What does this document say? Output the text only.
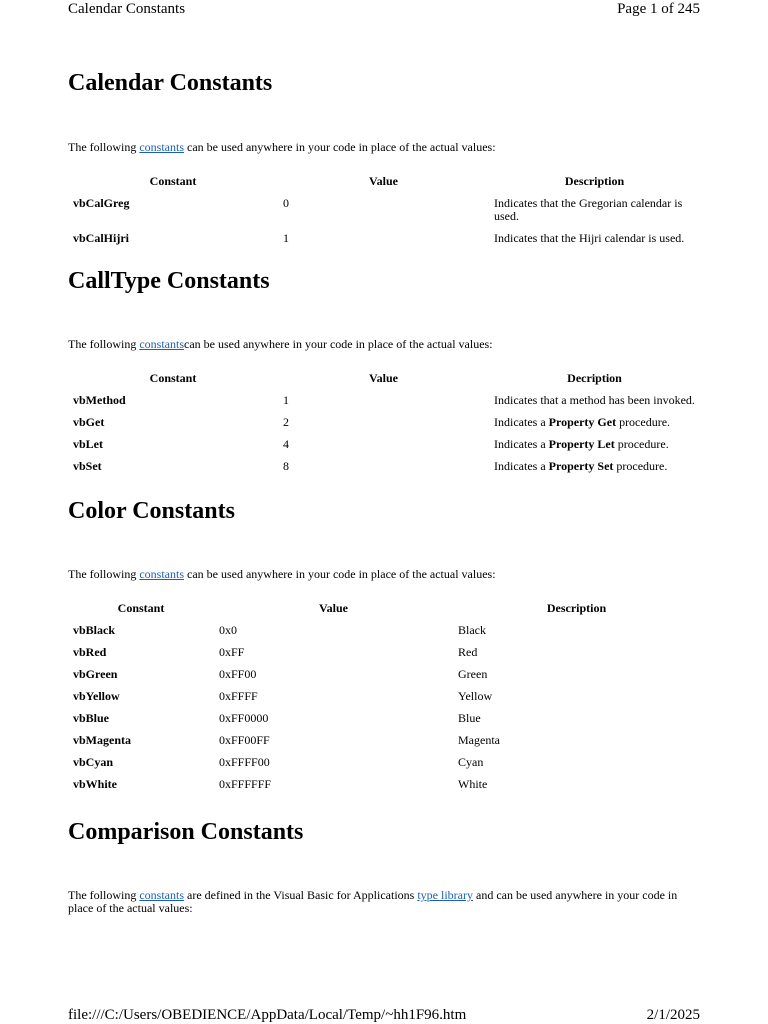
Calendar Constants	Page 1 of 245
Calendar Constants

The following constants can be used anywhere in your code in place of the actual values:

Constant	Value	Description
vbCalGreg	0	Indicates that the Gregorian calendar is used.
vbCalHijri	1	Indicates that the Hijri calendar is used.
CallType Constants

The following constantscan be used anywhere in your code in place of the actual values:

Constant	Value	Decription
vbMethod	1	Indicates that a method has been invoked.
vbGet	2	Indicates a Property Get procedure.
vbLet	4	Indicates a Property Let procedure.
vbSet	8	Indicates a Property Set procedure.
Color Constants

The following constants can be used anywhere in your code in place of the actual values:

Constant	Value	Description
vbBlack	0x0	Black
vbRed	0xFF	Red
vbGreen	0xFF00	Green
vbYellow	0xFFFF	Yellow
vbBlue	0xFF0000	Blue
vbMagenta	0xFF00FF	Magenta
vbCyan	0xFFFF00	Cyan
vbWhite	0xFFFFFF	White
Comparison Constants

The following constants are defined in the Visual Basic for Applications type library and can be used anywhere in your code in place of the actual values:

file:///C:/Users/OBEDIENCE/AppData/Local/Temp/~hh1F96.htm	2/1/2025
